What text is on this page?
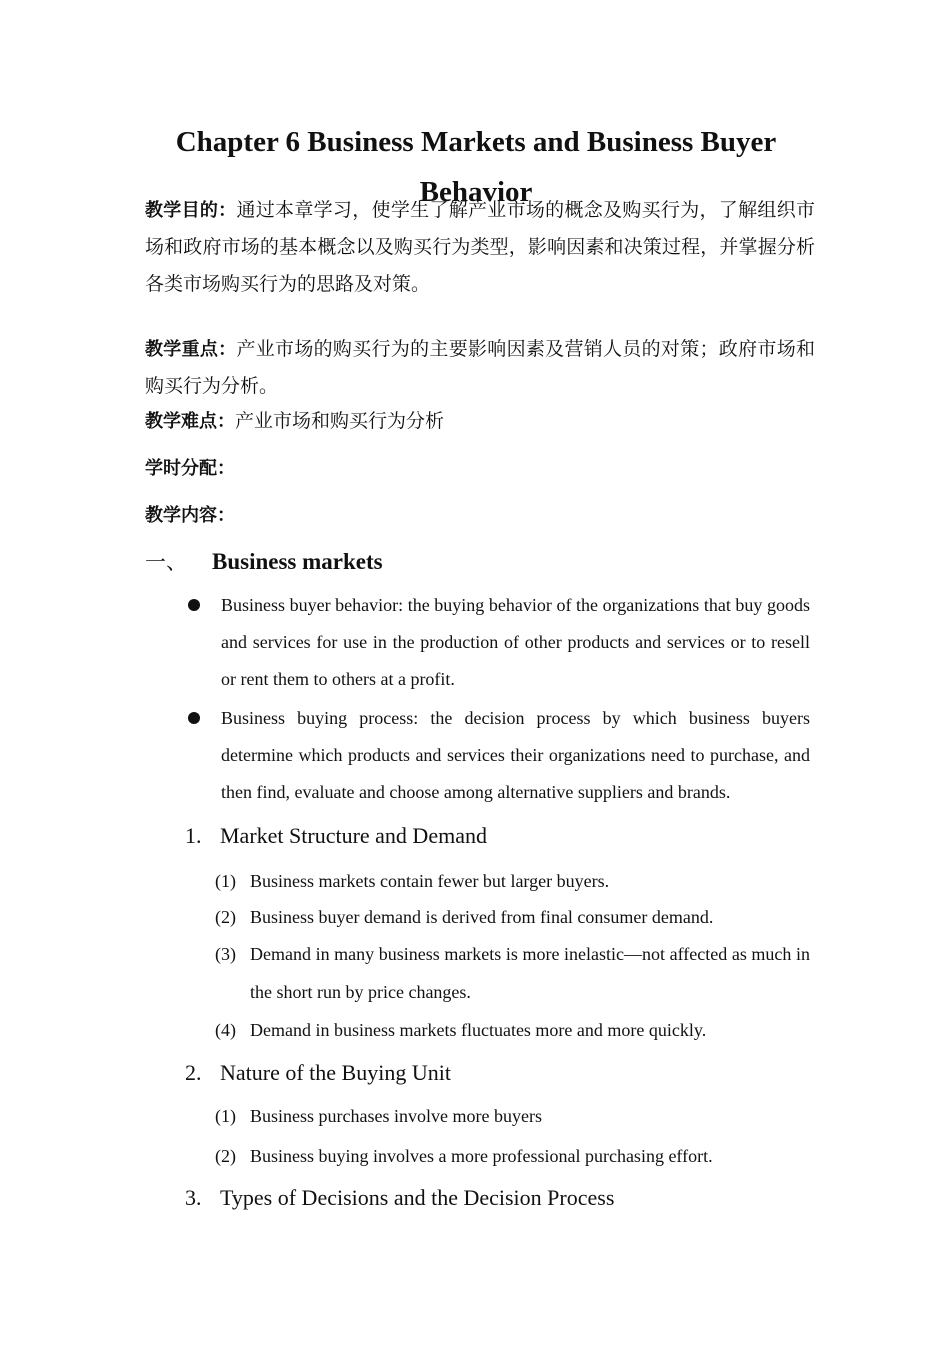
Chapter 6 Business Markets and Business Buyer
Behavior
教学目的：通过本章学习，使学生了解产业市场的概念及购买行为，了解组织市场和政府市场的基本概念以及购买行为类型，影响因素和决策过程，并掌握分析各类市场购买行为的思路及对策。
教学重点：产业市场的购买行为的主要影响因素及营销人员的对策；政府市场和购买行为分析。
教学难点：产业市场和购买行为分析
学时分配：
教学内容：
一、 Business markets
Business buyer behavior: the buying behavior of the organizations that buy goods and services for use in the production of other products and services or to resell or rent them to others at a profit.
Business buying process: the decision process by which business buyers determine which products and services their organizations need to purchase, and then find, evaluate and choose among alternative suppliers and brands.
1. Market Structure and Demand
(1) Business markets contain fewer but larger buyers.
(2) Business buyer demand is derived from final consumer demand.
(3) Demand in many business markets is more inelastic—not affected as much in the short run by price changes.
(4) Demand in business markets fluctuates more and more quickly.
2. Nature of the Buying Unit
(1) Business purchases involve more buyers
(2) Business buying involves a more professional purchasing effort.
3. Types of Decisions and the Decision Process
